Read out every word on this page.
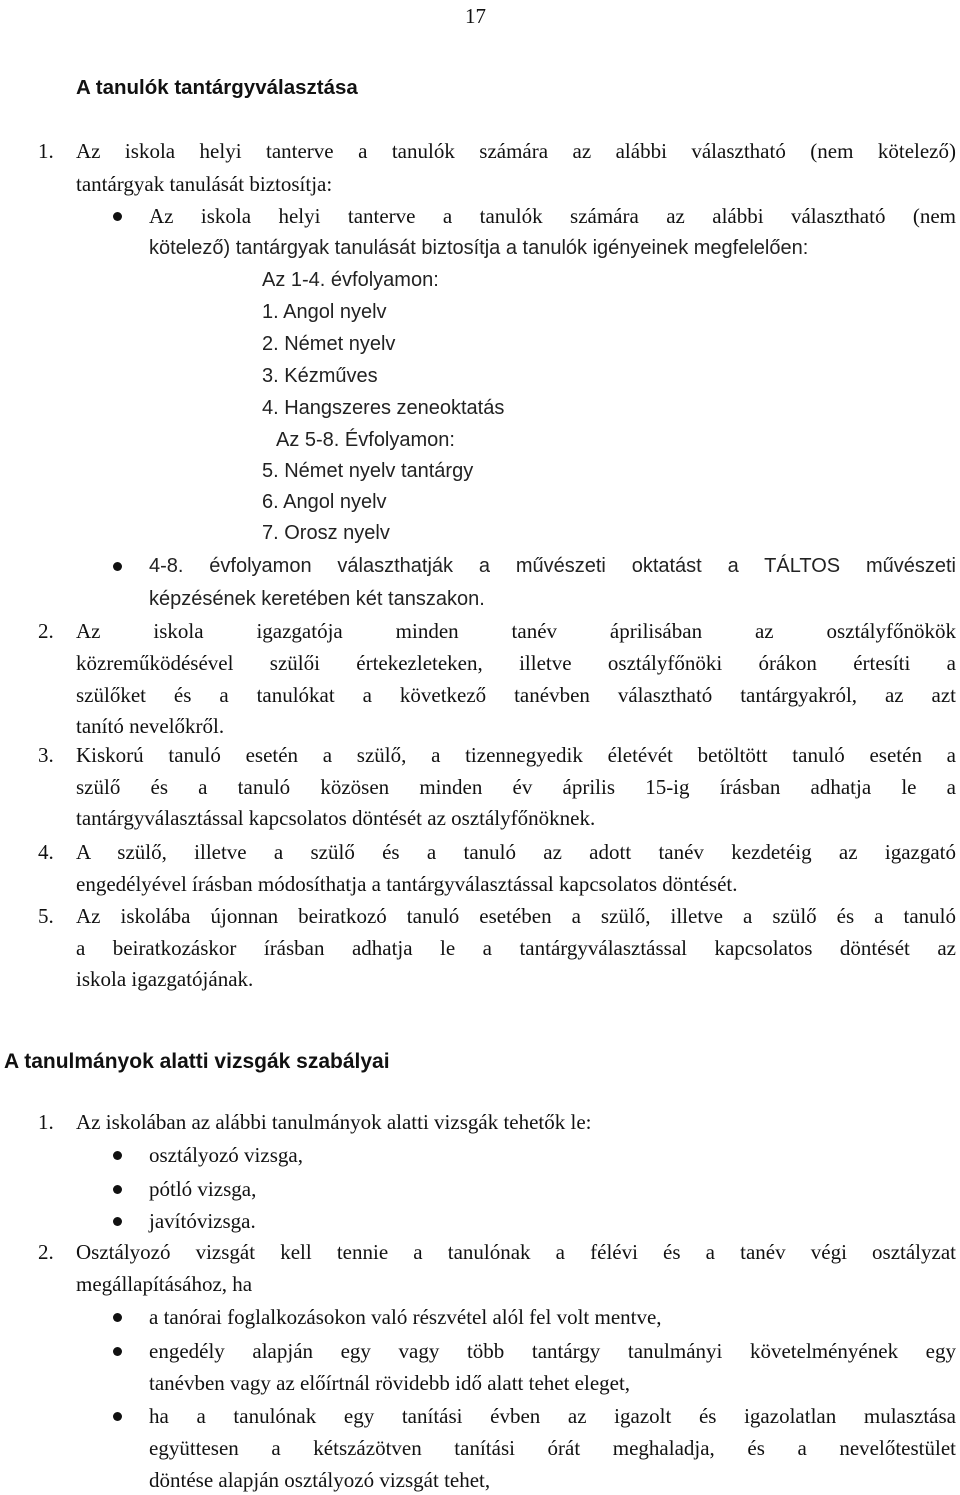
17
A tanulók tantárgyválasztása
1. Az iskola helyi tanterve a tanulók számára az alábbi választható (nem kötelező)
tantárgyak tanulását biztosítja:
Az iskola helyi tanterve a tanulók számára az alábbi választható (nem
kötelező) tantárgyak tanulását biztosítja a tanulók igényeinek megfelelően:
Az 1-4. évfolyamon:
1. Angol nyelv
2. Német nyelv
3. Kézműves
4. Hangszeres zeneoktatás
Az 5-8. Évfolyamon:
5. Német nyelv tantárgy
6. Angol nyelv
7. Orosz nyelv
4-8. évfolyamon választhatják a művészeti oktatást a TÁLTOS művészeti
képzésének keretében két tanszakon.
2. Az iskola igazgatója minden tanév áprilisában az osztályfőnökök
közreműködésével szülői értekezleteken, illetve osztályfőnöki órákon értesíti a
szülőket és a tanulókat a következő tanévben választható tantárgyakról, az azt
tanító nevelőkről.
3. Kiskorú tanuló esetén a szülő, a tizennegyedik életévét betöltött tanuló esetén a
szülő és a tanuló közösen minden év április 15-ig írásban adhatja le a
tantárgyválasztással kapcsolatos döntését az osztályfőnöknek.
4. A szülő, illetve a szülő és a tanuló az adott tanév kezdetéig az igazgató
engedélyével írásban módosíthatja a tantárgyválasztással kapcsolatos döntését.
5. Az iskolába újonnan beiratkozó tanuló esetében a szülő, illetve a szülő és a tanuló
a beiratkozáskor írásban adhatja le a tantárgyválasztással kapcsolatos döntését az
iskola igazgatójának.
A tanulmányok alatti vizsgák szabályai
1. Az iskolában az alábbi tanulmányok alatti vizsgák tehetők le:
osztályozó vizsga,
pótló vizsga,
javítóvizsga.
2. Osztályozó vizsgát kell tennie a tanulónak a félévi és a tanév végi osztályzat
megállapításához, ha
a tanórai foglalkozásokon való részvétel alól fel volt mentve,
engedély alapján egy vagy több tantárgy tanulmányi követelményének egy
tanévben vagy az előírtnál rövidebb idő alatt tehet eleget,
ha a tanulónak egy tanítási évben az igazolt és igazolatlan mulasztása
együttesen a kétszázötven tanítási órát meghaladja, és a nevelőtestület
döntése alapján osztályozó vizsgát tehet,
